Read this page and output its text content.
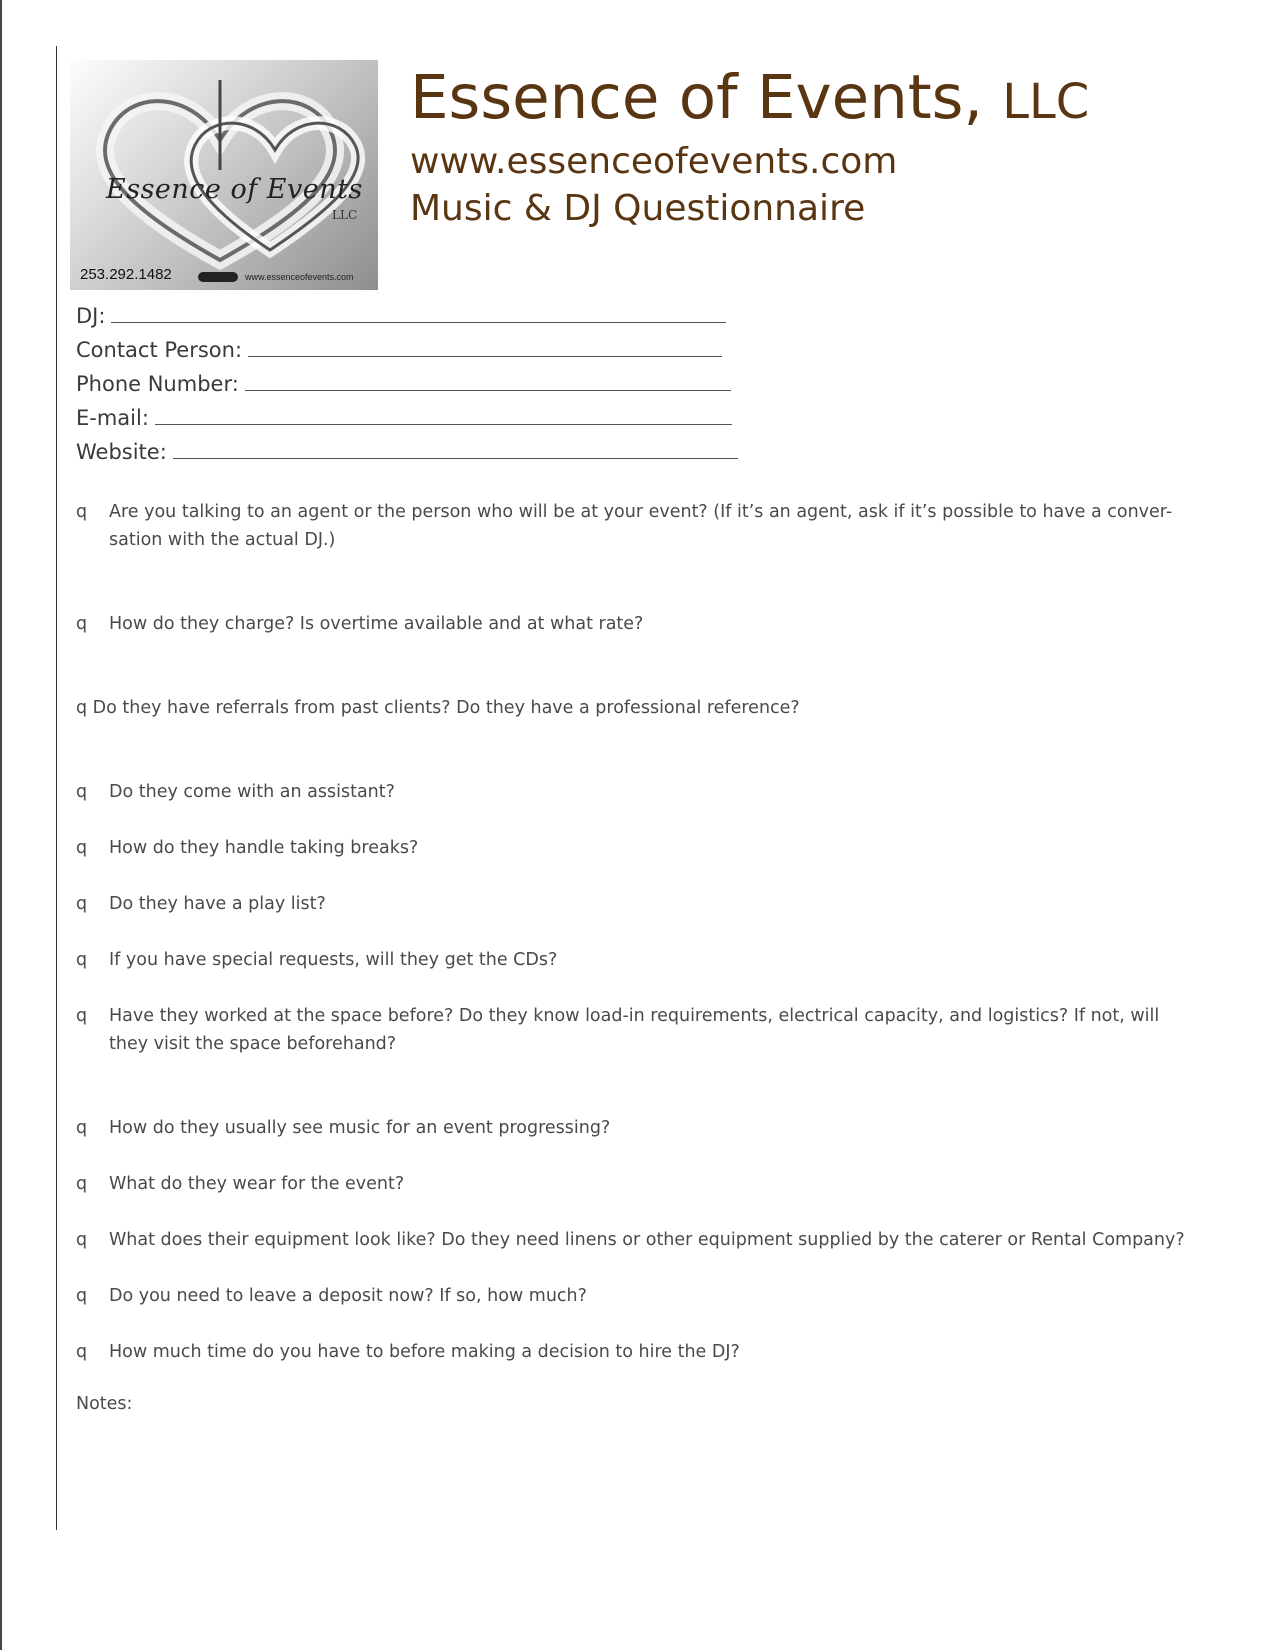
Essence of Events
LLC
253.292.1482	www.essenceofevents.com
Essence of Events, LLC
www.essenceofevents.com
Music & DJ Questionnaire
DJ:
Contact Person:
Phone Number:
E-mail:
Website:
q Are you talking to an agent or the person who will be at your event? (If it’s an agent, ask if it’s possible to have a conver- sation with the actual DJ.)
q How do they charge? Is overtime available and at what rate?
q Do they have referrals from past clients? Do they have a professional reference?
q Do they come with an assistant?
q How do they handle taking breaks?
q Do they have a play list?
q If you have special requests, will they get the CDs?
q Have they worked at the space before? Do they know load-in requirements, electrical capacity, and logistics? If not, will they visit the space beforehand?
q How do they usually see music for an event progressing?
q What do they wear for the event?
q What does their equipment look like? Do they need linens or other equipment supplied by the caterer or Rental Company?
q Do you need to leave a deposit now? If so, how much?
q How much time do you have to before making a decision to hire the DJ?
Notes:
